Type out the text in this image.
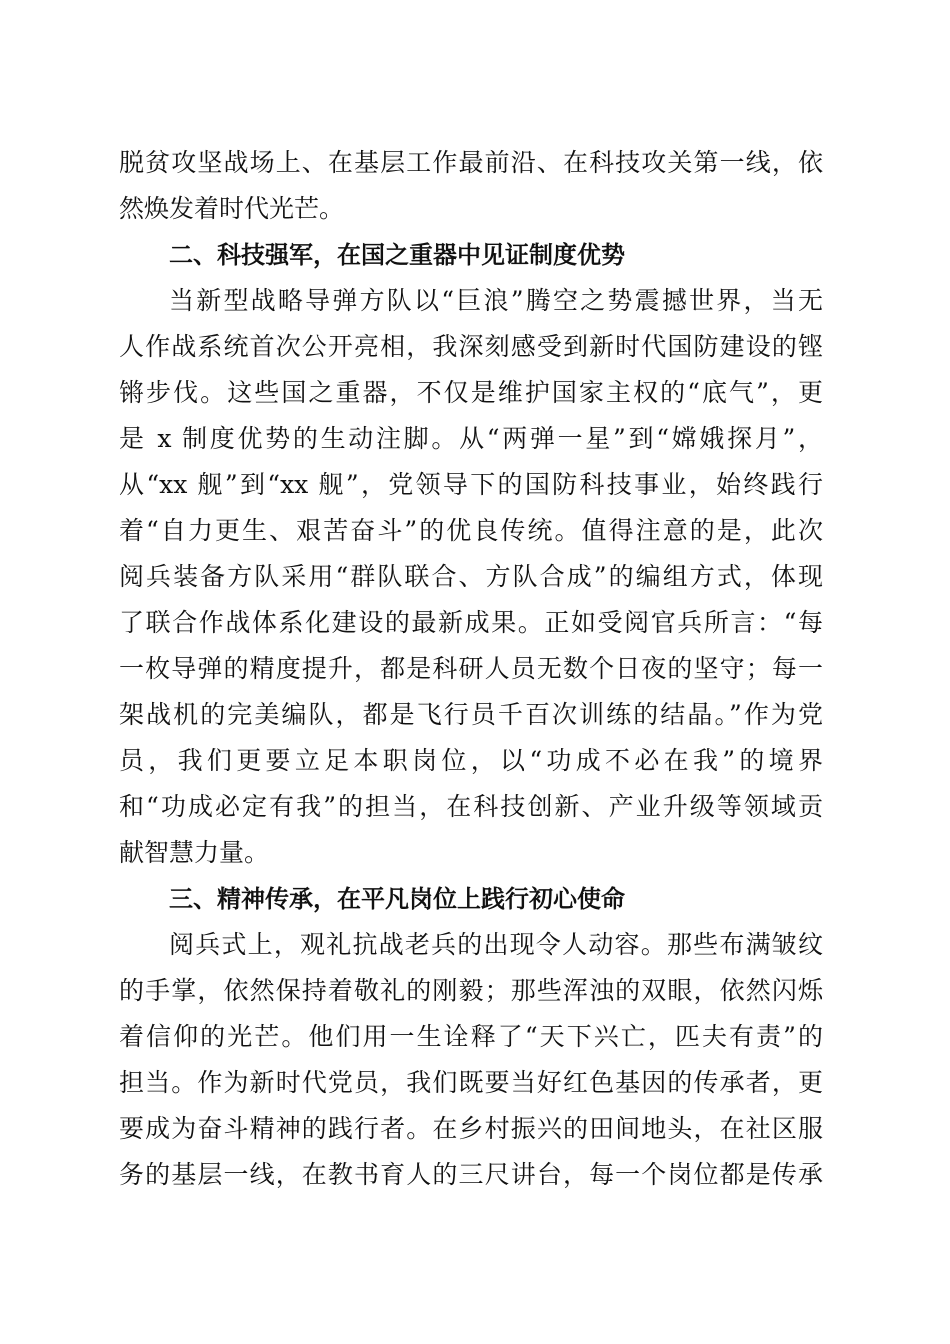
脱贫攻坚战场上、在基层工作最前沿、在科技攻关第一线，依
然焕发着时代光芒。
二、科技强军，在国之重器中见证制度优势
当新型战略导弹方队以“巨浪”腾空之势震撼世界，当无
人作战系统首次公开亮相，我深刻感受到新时代国防建设的铿
锵步伐。这些国之重器，不仅是维护国家主权的“底气”，更
是 x 制度优势的生动注脚。从“两弹一星”到“嫦娥探月”，
从“xx 舰”到“xx 舰”，党领导下的国防科技事业，始终践行
着“自力更生、艰苦奋斗”的优良传统。值得注意的是，此次
阅兵装备方队采用“群队联合、方队合成”的编组方式，体现
了联合作战体系化建设的最新成果。正如受阅官兵所言：“每
一枚导弹的精度提升，都是科研人员无数个日夜的坚守；每一
架战机的完美编队，都是飞行员千百次训练的结晶。”作为党
员，我们更要立足本职岗位，以“功成不必在我”的境界
和“功成必定有我”的担当，在科技创新、产业升级等领域贡
献智慧力量。
三、精神传承，在平凡岗位上践行初心使命
阅兵式上，观礼抗战老兵的出现令人动容。那些布满皱纹
的手掌，依然保持着敬礼的刚毅；那些浑浊的双眼，依然闪烁
着信仰的光芒。他们用一生诠释了“天下兴亡，匹夫有责”的
担当。作为新时代党员，我们既要当好红色基因的传承者，更
要成为奋斗精神的践行者。在乡村振兴的田间地头，在社区服
务的基层一线，在教书育人的三尺讲台，每一个岗位都是传承
